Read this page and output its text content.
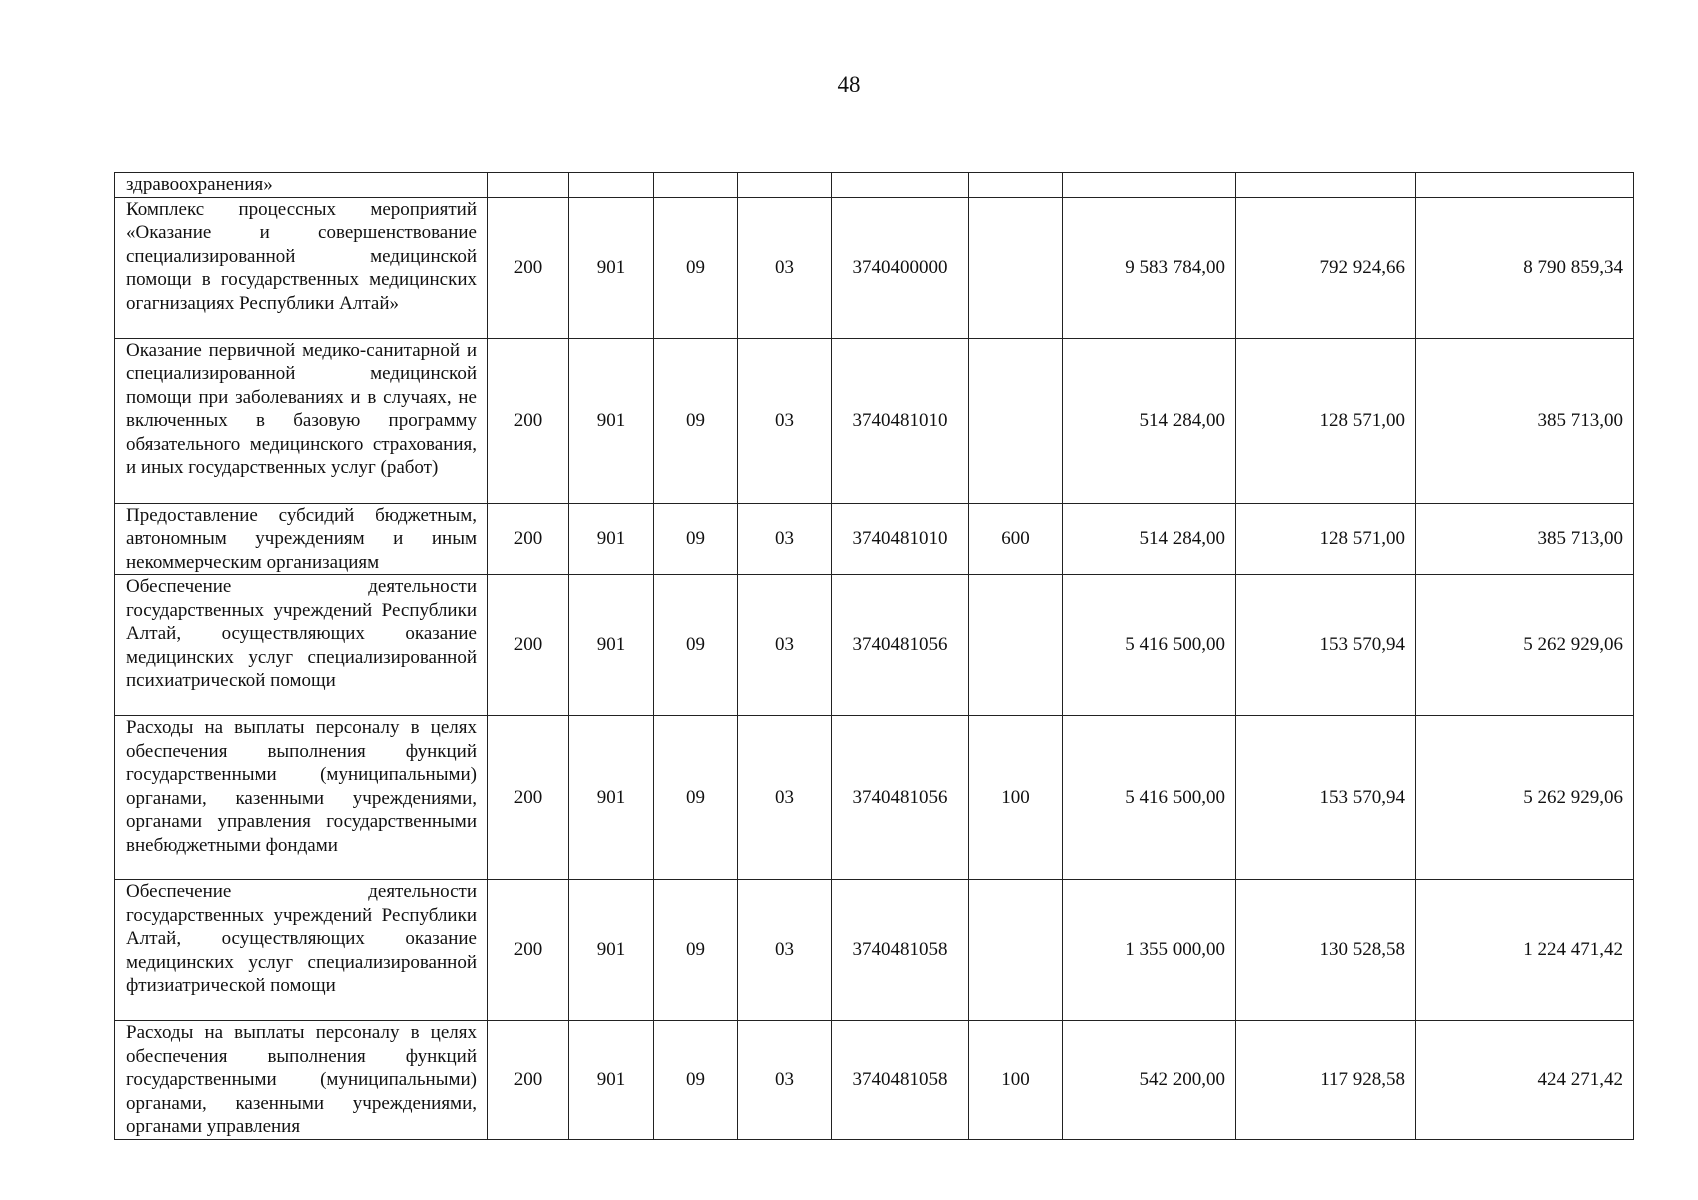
48
здравоохранения»									
Комплекс процессных мероприятий «Оказание и совершенствование специализированной медицинской помощи в государственных медицинских огагнизациях Республики Алтай»	200	901	09	03	3740400000		9 583 784,00	792 924,66	8 790 859,34
Оказание первичной медико-санитарной и специализированной медицинской помощи при заболеваниях и в случаях, не включенных в базовую программу обязательного медицинского страхования, и иных государственных услуг (работ)	200	901	09	03	3740481010		514 284,00	128 571,00	385 713,00
Предоставление субсидий бюджетным, автономным учреждениям и иным некоммерческим организациям	200	901	09	03	3740481010	600	514 284,00	128 571,00	385 713,00
Обеспечение деятельности государственных учреждений Республики Алтай, осуществляющих оказание медицинских услуг специализированной психиатрической помощи	200	901	09	03	3740481056		5 416 500,00	153 570,94	5 262 929,06
Расходы на выплаты персоналу в целях обеспечения выполнения функций государственными (муниципальными) органами, казенными учреждениями, органами управления государственными внебюджетными фондами	200	901	09	03	3740481056	100	5 416 500,00	153 570,94	5 262 929,06
Обеспечение деятельности государственных учреждений Республики Алтай, осуществляющих оказание медицинских услуг специализированной фтизиатрической помощи	200	901	09	03	3740481058		1 355 000,00	130 528,58	1 224 471,42
Расходы на выплаты персоналу в целях обеспечения выполнения функций государственными (муниципальными) органами, казенными учреждениями, органами управления	200	901	09	03	3740481058	100	542 200,00	117 928,58	424 271,42
